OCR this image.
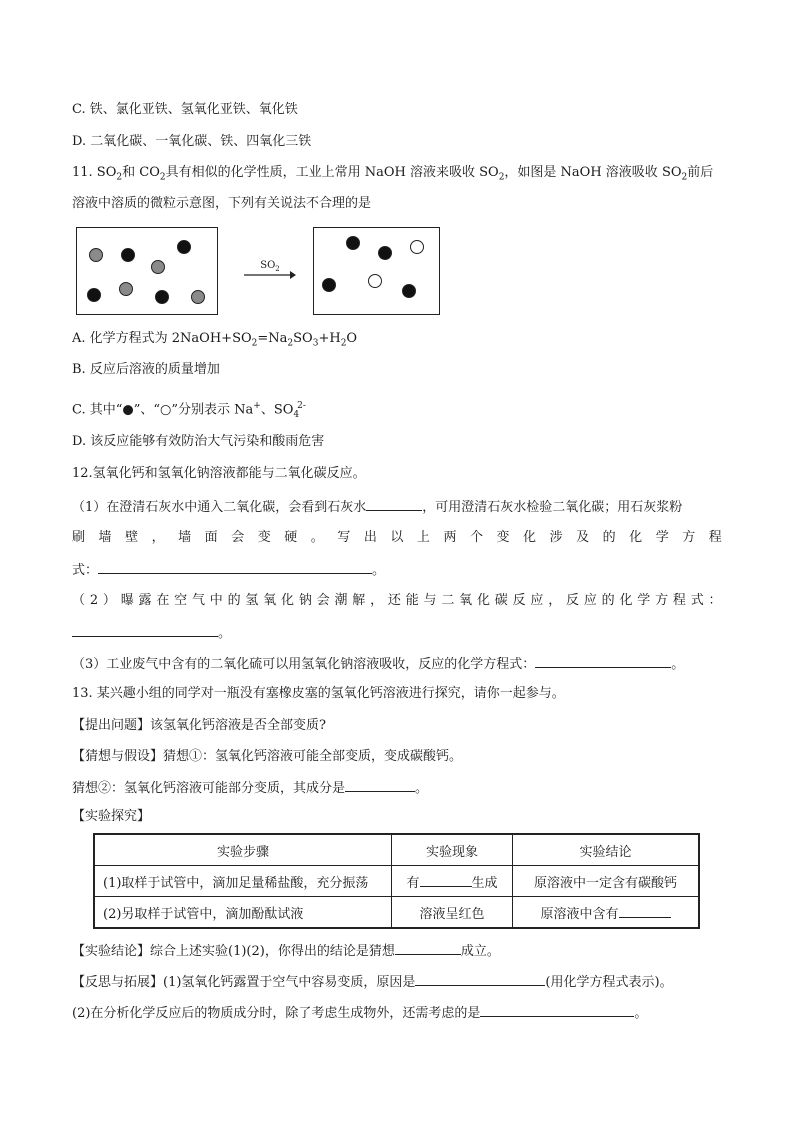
C. 铁、氯化亚铁、氢氧化亚铁、氧化铁
D. 二氧化碳、一氧化碳、铁、四氧化三铁
11. $SO_2$和 $CO_2$具有相似的化学性质，工业上常用 NaOH 溶液来吸收 $SO_2$，如图是 NaOH 溶液吸收 $SO_2$前后
溶液中溶质的微粒示意图，下列有关说法不合理的是
$SO_2$
A. 化学方程式为 $2NaOH+SO_2=Na_2SO_3+H_2O$
B. 反应后溶液的质量增加
C. 其中“●”、“○”分别表示 Na+、$SO_4^{2-}$
D. 该反应能够有效防治大气污染和酸雨危害
12.氢氧化钙和氢氧化钠溶液都能与二氧化碳反应。
（1）在澄清石灰水中通入二氧化碳，会看到石灰水	，可用澄清石灰水检验二氧化碳；用石灰浆粉
刷 墙 壁 ， 墙 面 会 变 硬 。 写 出 以 上 两 个 变 化 涉 及 的 化 学 方 程
式：	。
（ 2 ） 曝 露 在 空 气 中 的 氢 氧 化 钠 会 潮 解 ， 还 能 与 二 氧 化 碳 反 应 ， 反 应 的 化 学 方 程 式 ：
。
（3）工业废气中含有的二氧化硫可以用氢氧化钠溶液吸收，反应的化学方程式：	。
13. 某兴趣小组的同学对一瓶没有塞橡皮塞的氢氧化钙溶液进行探究，请你一起参与。
【提出问题】该氢氧化钙溶液是否全部变质?
【猜想与假设】猜想①：氢氧化钙溶液可能全部变质，变成碳酸钙。
猜想②：氢氧化钙溶液可能部分变质，其成分是	。
【实验探究】
实验步骤	实验现象	实验结论
(1)取样于试管中，滴加足量稀盐酸，充分振荡	有 生成	原溶液中一定含有碳酸钙
(2)另取样于试管中，滴加酚酞试液	溶液呈红色	原溶液中含有
【实验结论】综合上述实验(1)(2)，你得出的结论是猜想	成立。
【反思与拓展】(1)氢氧化钙露置于空气中容易变质，原因是	(用化学方程式表示)。
(2)在分析化学反应后的物质成分时，除了考虑生成物外，还需考虑的是	。
